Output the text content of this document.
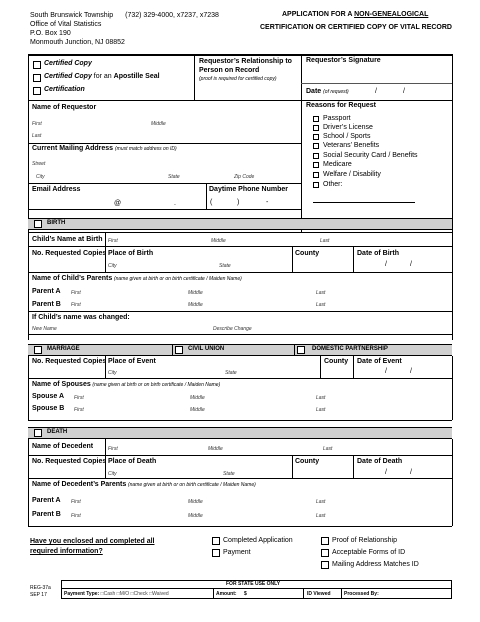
South Brunswick Township (732) 329-4000, x7237, x7238
Office of Vital Statistics
P.O. Box 190
Monmouth Junction, NJ 08852
APPLICATION FOR A NON-GENEALOGICAL
CERTIFICATION OR CERTIFIED COPY OF VITAL RECORD
Certified Copy
Certified Copy for an Apostille Seal
Certification
Requestor’s Relationship to
Person on Record
(proof is required for certified copy)
Requestor’s Signature
Date (of request)	/	/
Name of Requestor
First	Middle
Last
Current Mailing Address (must match address on ID)
Street
City	State	Zip Code
Email Address
@	.
Daytime Phone Number
(	)	-
Reasons for Request
Passport
Driver’s License
School / Sports
Veterans’ Benefits
Social Security Card / Benefits
Medicare
Welfare / Disability
Other:
BIRTH
Child’s Name at Birth First	Middle	Last
No. Requested Copies Place of Birth
City	State
County	Date of Birth
/	/
Name of Child’s Parents (name given at birth or on birth certificate / Maiden Name)
Parent A First	Middle	Last
Parent B First	Middle	Last
If Child’s name was changed:
New Name	Describe Change
MARRIAGE	CIVIL UNION	DOMESTIC PARTNERSHIP
No. Requested Copies Place of Event
City	State
County Date of Event
/	/
Name of Spouses (name given at birth or on birth certificate / Maiden Name)
Spouse A First	Middle	Last
Spouse B First	Middle	Last
DEATH
Name of Decedent	First	Middle	Last
No. Requested Copies Place of Death
City	State
County	Date of Death
/	/
Name of Decedent’s Parents (name given at birth or on birth certificate / Maiden Name)
Parent A First	Middle	Last
Parent B First	Middle	Last
Have you enclosed and completed all
required information?
Completed Application
Payment
Proof of Relationship
Acceptable Forms of ID
Mailing Address Matches ID
REG-37a
SEP 17
FOR STATE USE ONLY
Payment Type: □Cash □M/O □Check □Waived	Amount: $	ID Viewed	Processed By:
